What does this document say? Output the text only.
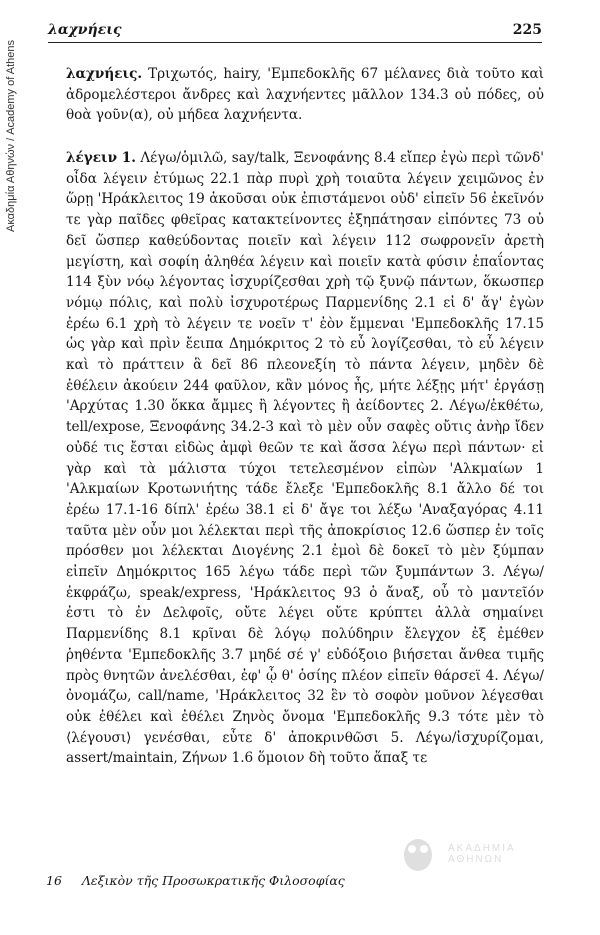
Ακαδημία Αθηνών / Academy of Athens
λαχνήεις	225

λαχνήεις. Τριχωτός, hairy, 'Εμπεδοκλῆς 67 μέλανες διὰ τοῦτο καὶ ἀδρομελέστεροι ἄνδρες καὶ λαχνήεντες μᾶλλον 134.3 οὐ πόδες, οὐ θοὰ γοῦν(α), οὐ μήδεα λαχνήεντα.

λέγειν 1. Λέγω/ὁμιλῶ, say/talk, Ξενοφάνης 8.4 εἴπερ ἐγὼ περὶ τῶνδ' οἶδα λέγειν ἐτύμως 22.1 πὰρ πυρὶ χρὴ τοιαῦτα λέγειν χειμῶνος ἐν ὥρῃ 'Ηράκλειτος 19 ἀκοῦσαι οὐκ ἐπιστάμενοι οὐδ' εἰπεῖν 56 ἐκεῖνόν τε γὰρ παῖδες φθεῖρας κατακτείνοντες ἐξηπάτησαν εἰπόντες 73 οὐ δεῖ ὥσπερ καθεύδοντας ποιεῖν καὶ λέγειν 112 σωφρονεῖν ἀρετὴ μεγίστη, καὶ σοφίη ἀληθέα λέγειν καὶ ποιεῖν κατὰ φύσιν ἐπαΐοντας 114 ξὺν νόῳ λέγοντας ἰσχυρίζεσθαι χρὴ τῷ ξυνῷ πάντων, ὅκωσπερ νόμῳ πόλις, καὶ πολὺ ἰσχυροτέρως Παρμενίδης 2.1 εἰ δ' ἄγ' ἐγὼν ἐρέω 6.1 χρὴ τὸ λέγειν τε νοεῖν τ' ἐὸν ἔμμεναι 'Εμπεδοκλῆς 17.15 ὡς γὰρ καὶ πρὶν ἔειπα Δημόκριτος 2 τὸ εὖ λογίζεσθαι, τὸ εὖ λέγειν καὶ τὸ πράττειν ἃ δεῖ 86 πλεονεξίη τὸ πάντα λέγειν, μηδὲν δὲ ἐθέλειν ἀκούειν 244 φαῦλον, κἂν μόνος ἦς, μήτε λέξῃς μήτ' ἐργάσῃ 'Αρχύτας 1.30 ὅκκα ἄμμες ἢ λέγοντες ἢ ἀείδοντες 2. Λέγω/ἐκθέτω, tell/expose, Ξενοφάνης 34.2-3 καὶ τὸ μὲν οὖν σαφὲς οὔτις ἀνὴρ ἴδεν οὐδέ τις ἔσται εἰδὼς ἀμφὶ θεῶν τε καὶ ἅσσα λέγω περὶ πάντων· εἰ γὰρ καὶ τὰ μάλιστα τύχοι τετελεσμένον εἰπὼν 'Αλκμαίων 1 'Αλκμαίων Κροτωνιήτης τάδε ἔλεξε 'Εμπεδοκλῆς 8.1 ἄλλο δέ τοι ἐρέω 17.1-16 δίπλ' ἐρέω 38.1 εἰ δ' ἄγε τοι λέξω 'Αναξαγόρας 4.11 ταῦτα μὲν οὖν μοι λέλεκται περὶ τῆς ἀποκρίσιος 12.6 ὥσπερ ἐν τοῖς πρόσθεν μοι λέλεκται Διογένης 2.1 ἐμοὶ δὲ δοκεῖ τὸ μὲν ξύμπαν εἰπεῖν Δημόκριτος 165 λέγω τάδε περὶ τῶν ξυμπάντων 3. Λέγω/ἐκφράζω, speak/express, 'Ηράκλειτος 93 ὁ ἄναξ, οὗ τὸ μαντεῖόν ἐστι τὸ ἐν Δελφοῖς, οὔτε λέγει οὔτε κρύπτει ἀλλὰ σημαίνει Παρμενίδης 8.1 κρῖναι δὲ λόγῳ πολύδηριν ἔλεγχον ἐξ ἐμέθεν ῥηθέντα 'Εμπεδοκλῆς 3.7 μηδέ σέ γ' εὐδόξοιο βιήσεται ἄνθεα τιμῆς πρὸς θνητῶν ἀνελέσθαι, ἐφ' ᾧ θ' ὁσίης πλέον εἰπεῖν θάρσεϊ 4. Λέγω/ὀνομάζω, call/name, 'Ηράκλειτος 32 ἓν τὸ σοφὸν μοῦνον λέγεσθαι οὐκ ἐθέλει καὶ ἐθέλει Ζηνὸς ὄνομα 'Εμπεδοκλῆς 9.3 τότε μὲν τὸ ⟨λέγουσι⟩ γενέσθαι, εὖτε δ' ἀποκρινθῶσι 5. Λέγω/ἰσχυρίζομαι, assert/maintain, Ζήνων 1.6 ὅμοιον δὴ τοῦτο ἅπαξ τε

ΑΚΑΔΗΜΙΑ ΑΘΗΝΩΝ
16 Λεξικὸν τῆς Προσωκρατικῆς Φιλοσοφίας
